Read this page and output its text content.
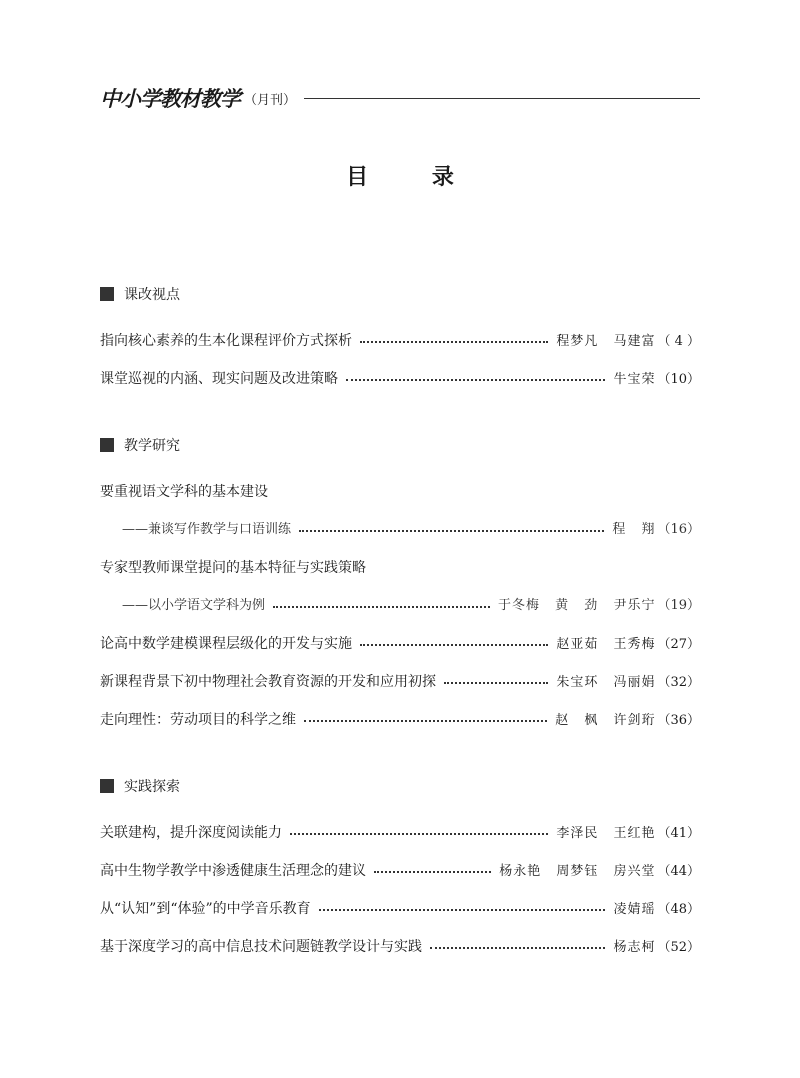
中小学教材教学 （月刊）
目 录
课改视点
指向核心素养的生本化课程评价方式探析	程梦凡 马建富 （ 4 ）
课堂巡视的内涵、现实问题及改进策略	牛宝荣 （10）
教学研究
要重视语文学科的基本建设
——兼谈写作教学与口语训练	程 翔 （16）
专家型教师课堂提问的基本特征与实践策略
——以小学语文学科为例	于冬梅 黄 劲 尹乐宁 （19）
论高中数学建模课程层级化的开发与实施	赵亚茹 王秀梅 （27）
新课程背景下初中物理社会教育资源的开发和应用初探	朱宝环 冯丽娟 （32）
走向理性：劳动项目的科学之维	赵 枫 许剑珩 （36）
实践探索
关联建构，提升深度阅读能力	李泽民 王红艳 （41）
高中生物学教学中渗透健康生活理念的建议	杨永艳 周梦钰 房兴堂 （44）
从“认知”到“体验”的中学音乐教育	凌婧瑶 （48）
基于深度学习的高中信息技术问题链教学设计与实践	杨志柯 （52）
